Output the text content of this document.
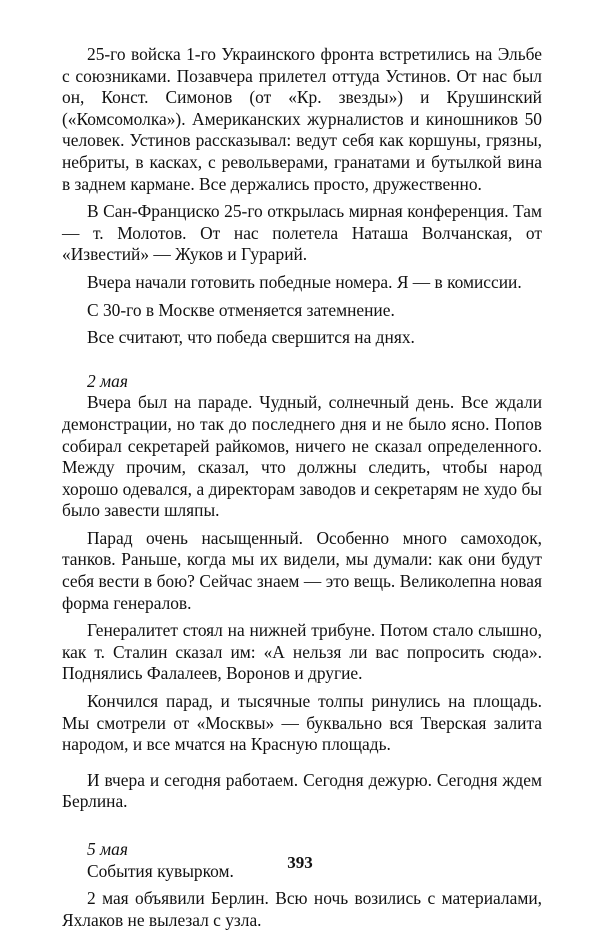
25-го войска 1-го Украинского фронта встретились на Эльбе с союзниками. Позавчера прилетел оттуда Устинов. От нас был он, Конст. Симонов (от «Кр. звезды») и Крушинский («Комсомолка»). Американских журналистов и киношников 50 человек. Устинов рассказывал: ведут себя как коршуны, грязны, небриты, в касках, с револьверами, гранатами и бутылкой вина в заднем кармане. Все держались просто, дружественно.

В Сан-Франциско 25-го открылась мирная конференция. Там — т. Молотов. От нас полетела Наташа Волчанская, от «Известий» — Жуков и Гурарий.

Вчера начали готовить победные номера. Я — в комиссии.

С 30-го в Москве отменяется затемнение.

Все считают, что победа свершится на днях.

2 мая

Вчера был на параде. Чудный, солнечный день. Все ждали демонстрации, но так до последнего дня и не было ясно. Попов собирал секретарей райкомов, ничего не сказал определенного. Между прочим, сказал, что должны следить, чтобы народ хорошо одевался, а директорам заводов и секретарям не худо бы было завести шляпы.

Парад очень насыщенный. Особенно много самоходок, танков. Раньше, когда мы их видели, мы думали: как они будут себя вести в бою? Сейчас знаем — это вещь. Великолепна новая форма генералов.

Генералитет стоял на нижней трибуне. Потом стало слышно, как т. Сталин сказал им: «А нельзя ли вас попросить сюда». Поднялись Фалалеев, Воронов и другие.

Кончился парад, и тысячные толпы ринулись на площадь. Мы смотрели от «Москвы» — буквально вся Тверская залита народом, и все мчатся на Красную площадь.

И вчера и сегодня работаем. Сегодня дежурю. Сегодня ждем Берлина.

5 мая

События кувырком.

2 мая объявили Берлин. Всю ночь возились с материалами, Яхлаков не вылезал с узла.

393
